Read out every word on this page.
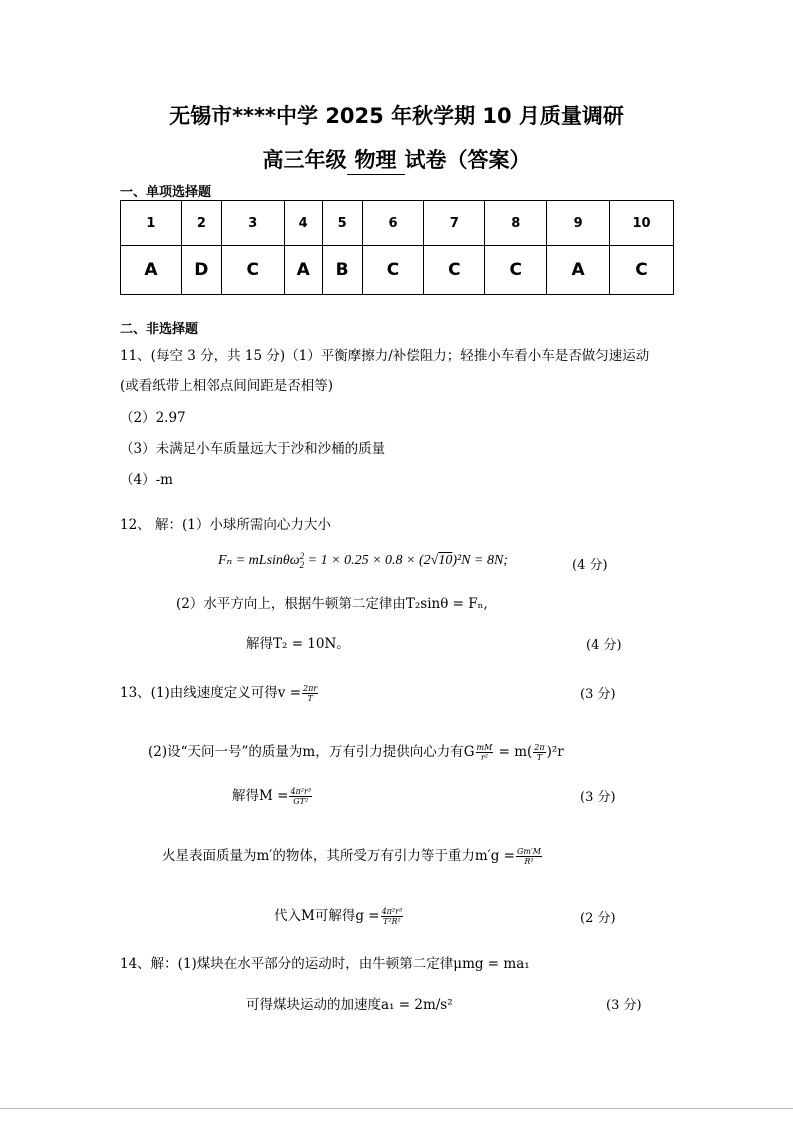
无锡市****中学 2025 年秋学期 10 月质量调研
高三年级 物理 试卷（答案）
一、单项选择题
1	2	3	4	5	6	7	8	9	10
A	D	C	A	B	C	C	C	A	C
二、非选择题
11、(每空 3 分，共 15 分)（1）平衡摩擦力/补偿阻力；轻推小车看小车是否做匀速运动
(或看纸带上相邻点间间距是否相等)
（2）2.97
（3）未满足小车质量远大于沙和沙桶的质量
（4）-m
12、 解：(1）小球所需向心力大小
Fₙ = mLsinθω 2
2 = 1 × 0.25 × 0.8 × (2√10)²N = 8N;	(4 分)
(2）水平方向上，根据牛顿第二定律由T₂sinθ = Fₙ,
解得T₂ = 10N。	(4 分)
13、(1)由线速度定义可得$v = \frac{2\pi r}{T}$	(3 分)
(2)设“天问一号”的质量为m，万有引力提供向心力有G $\frac{mM}{\text{r²}} = m( \frac{2\pi}{T} )^2r$
解得$M = \frac{\text{4π²r³}}{\text{GT²}}$	(3 分)
火星表面质量为m′的物体，其所受万有引力等于重力$m'g = \frac{Gm'M}{\text{R²}}$
代入M可解得$g = \frac{\text{4π²r³}}{\text{T²R²}}$	(2 分)
14、解：(1)煤块在水平部分的运动时，由牛顿第二定律μmg = ma₁
可得煤块运动的加速度a₁ = 2m/s²	(3 分)
